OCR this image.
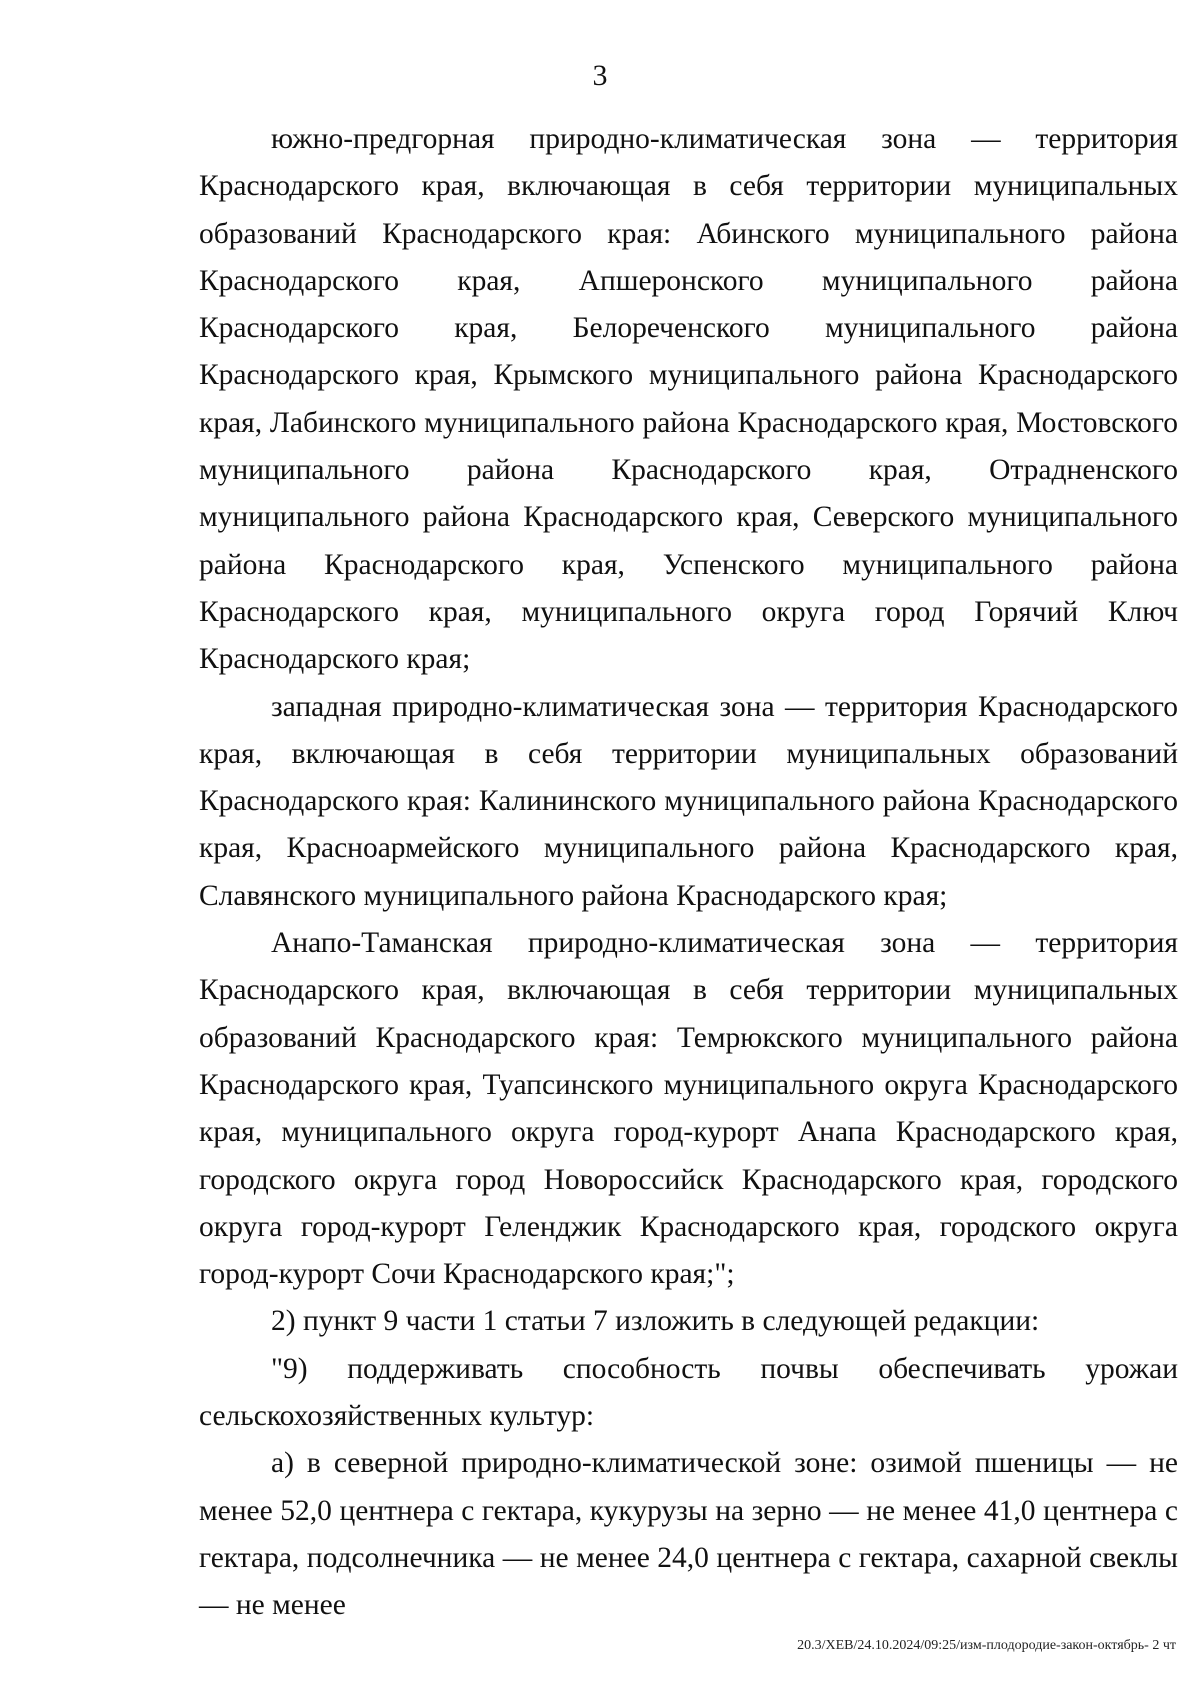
3

южно-предгорная природно-климатическая зона — территория Краснодарского края, включающая в себя территории муниципальных образований Краснодарского края: Абинского муниципального района Краснодарского края, Апшеронского муниципального района Краснодарского края, Белореченского муниципального района Краснодарского края, Крымского муниципального района Краснодарского края, Лабинского муниципального района Краснодарского края, Мостовского муниципального района Краснодарского края, Отрадненского муниципального района Краснодарского края, Северского муниципального района Краснодарского края, Успенского муниципального района Краснодарского края, муниципального округа город Горячий Ключ Краснодарского края;

западная природно-климатическая зона — территория Краснодарского края, включающая в себя территории муниципальных образований Краснодарского края: Калининского муниципального района Краснодарского края, Красноармейского муниципального района Краснодарского края, Славянского муниципального района Краснодарского края;

Анапо-Таманская природно-климатическая зона — территория Краснодарского края, включающая в себя территории муниципальных образований Краснодарского края: Темрюкского муниципального района Краснодарского края, Туапсинского муниципального округа Краснодарского края, муниципального округа город-курорт Анапа Краснодарского края, городского округа город Новороссийск Краснодарского края, городского округа город-курорт Геленджик Краснодарского края, городского округа город-курорт Сочи Краснодарского края;";

2) пункт 9 части 1 статьи 7 изложить в следующей редакции:

"9) поддерживать способность почвы обеспечивать урожаи сельскохозяйственных культур:

а) в северной природно-климатической зоне: озимой пшеницы — не менее 52,0 центнера с гектара, кукурузы на зерно — не менее 41,0 центнера с гектара, подсолнечника — не менее 24,0 центнера с гектара, сахарной свеклы — не менее

20.3/ХЕВ/24.10.2024/09:25/изм-плодородие-закон-октябрь- 2 чт
